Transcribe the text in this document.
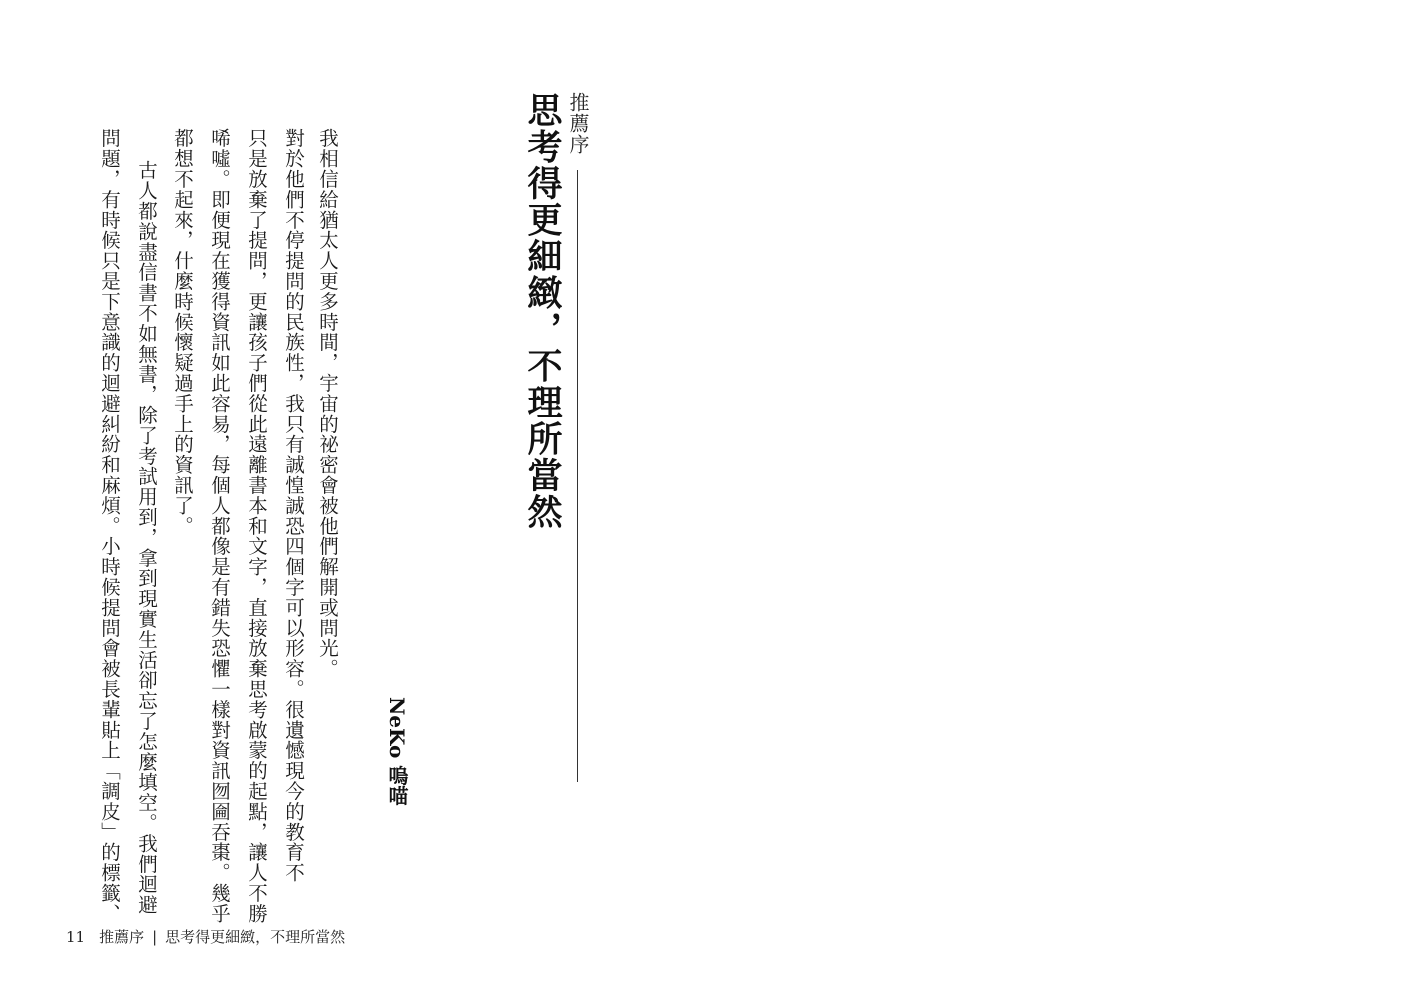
推薦序
思考得更細緻，不理所當然
NeKo 嗚喵
我相信給猶太人更多時間，宇宙的祕密會被他們解開或問光。
對於他們不停提問的民族性，我只有誠惶誠恐四個字可以形容。很遺憾現今的教育不
只是放棄了提問，更讓孩子們從此遠離書本和文字，直接放棄思考啟蒙的起點，讓人不勝
唏噓。即便現在獲得資訊如此容易，每個人都像是有錯失恐懼一樣對資訊囫圇吞棗。幾乎
都想不起來，什麼時候懷疑過手上的資訊了。
古人都說盡信書不如無書，除了考試用到，拿到現實生活卻忘了怎麼填空。我們迴避
問題，有時候只是下意識的迴避糾紛和麻煩。小時候提問會被長輩貼上「調皮」的標籤、
11 推薦序 | 思考得更細緻，不理所當然
